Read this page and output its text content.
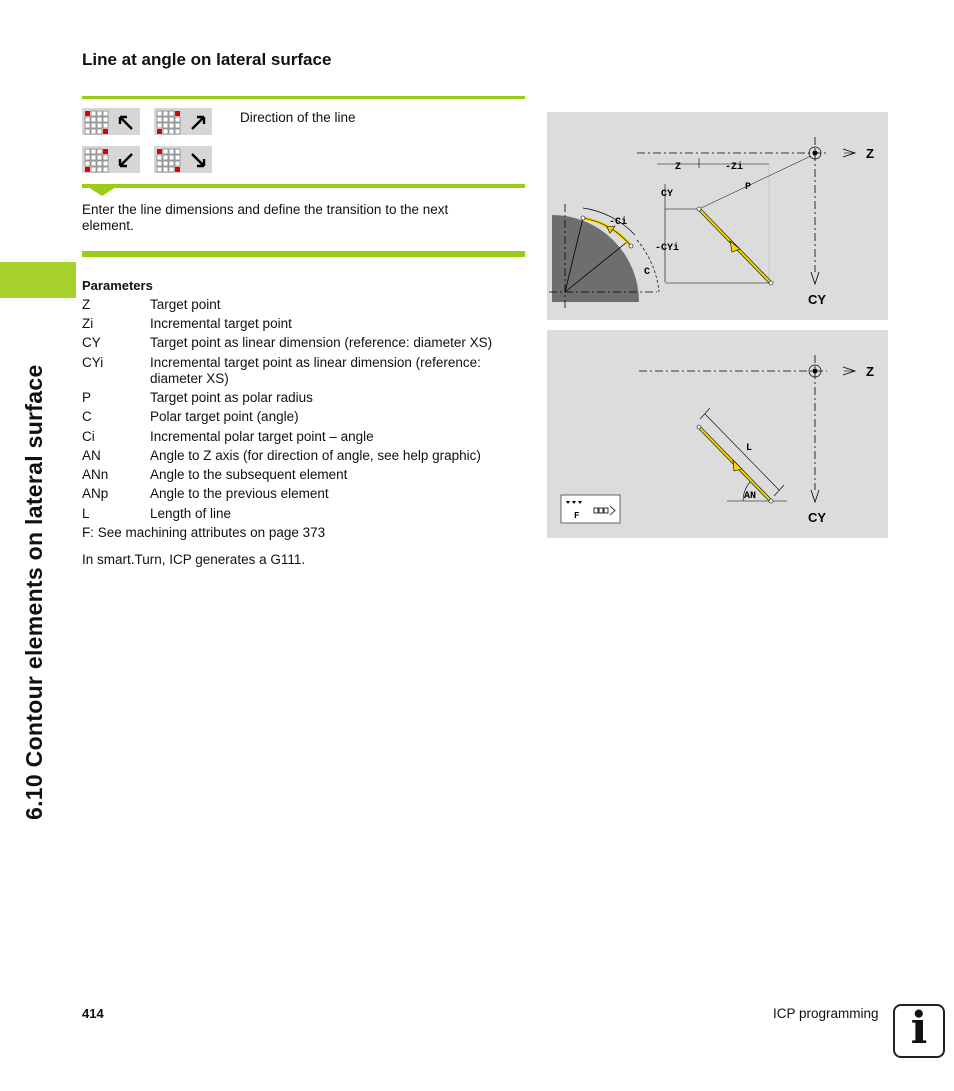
6.10 Contour elements on lateral surface
Line at angle on lateral surface
Direction of the line
Enter the line dimensions and define the transition to the next element.
Parameters
Z	Target point
Zi	Incremental target point
CY	Target point as linear dimension (reference: diameter XS)
CYi	Incremental target point as linear dimension (reference: diameter XS)
P	Target point as polar radius
C	Polar target point (angle)
Ci	Incremental polar target point – angle
AN	Angle to Z axis (for direction of angle, see help graphic)
ANn	Angle to the subsequent element
ANp	Angle to the previous element
L	Length of line
F: See machining attributes on page 373
In smart.Turn, ICP generates a G111.
-Ci
C
Z
CY
Z	-Zi
CY
-CYi
P
Z
CY
L
AN
F
414	ICP programming i
